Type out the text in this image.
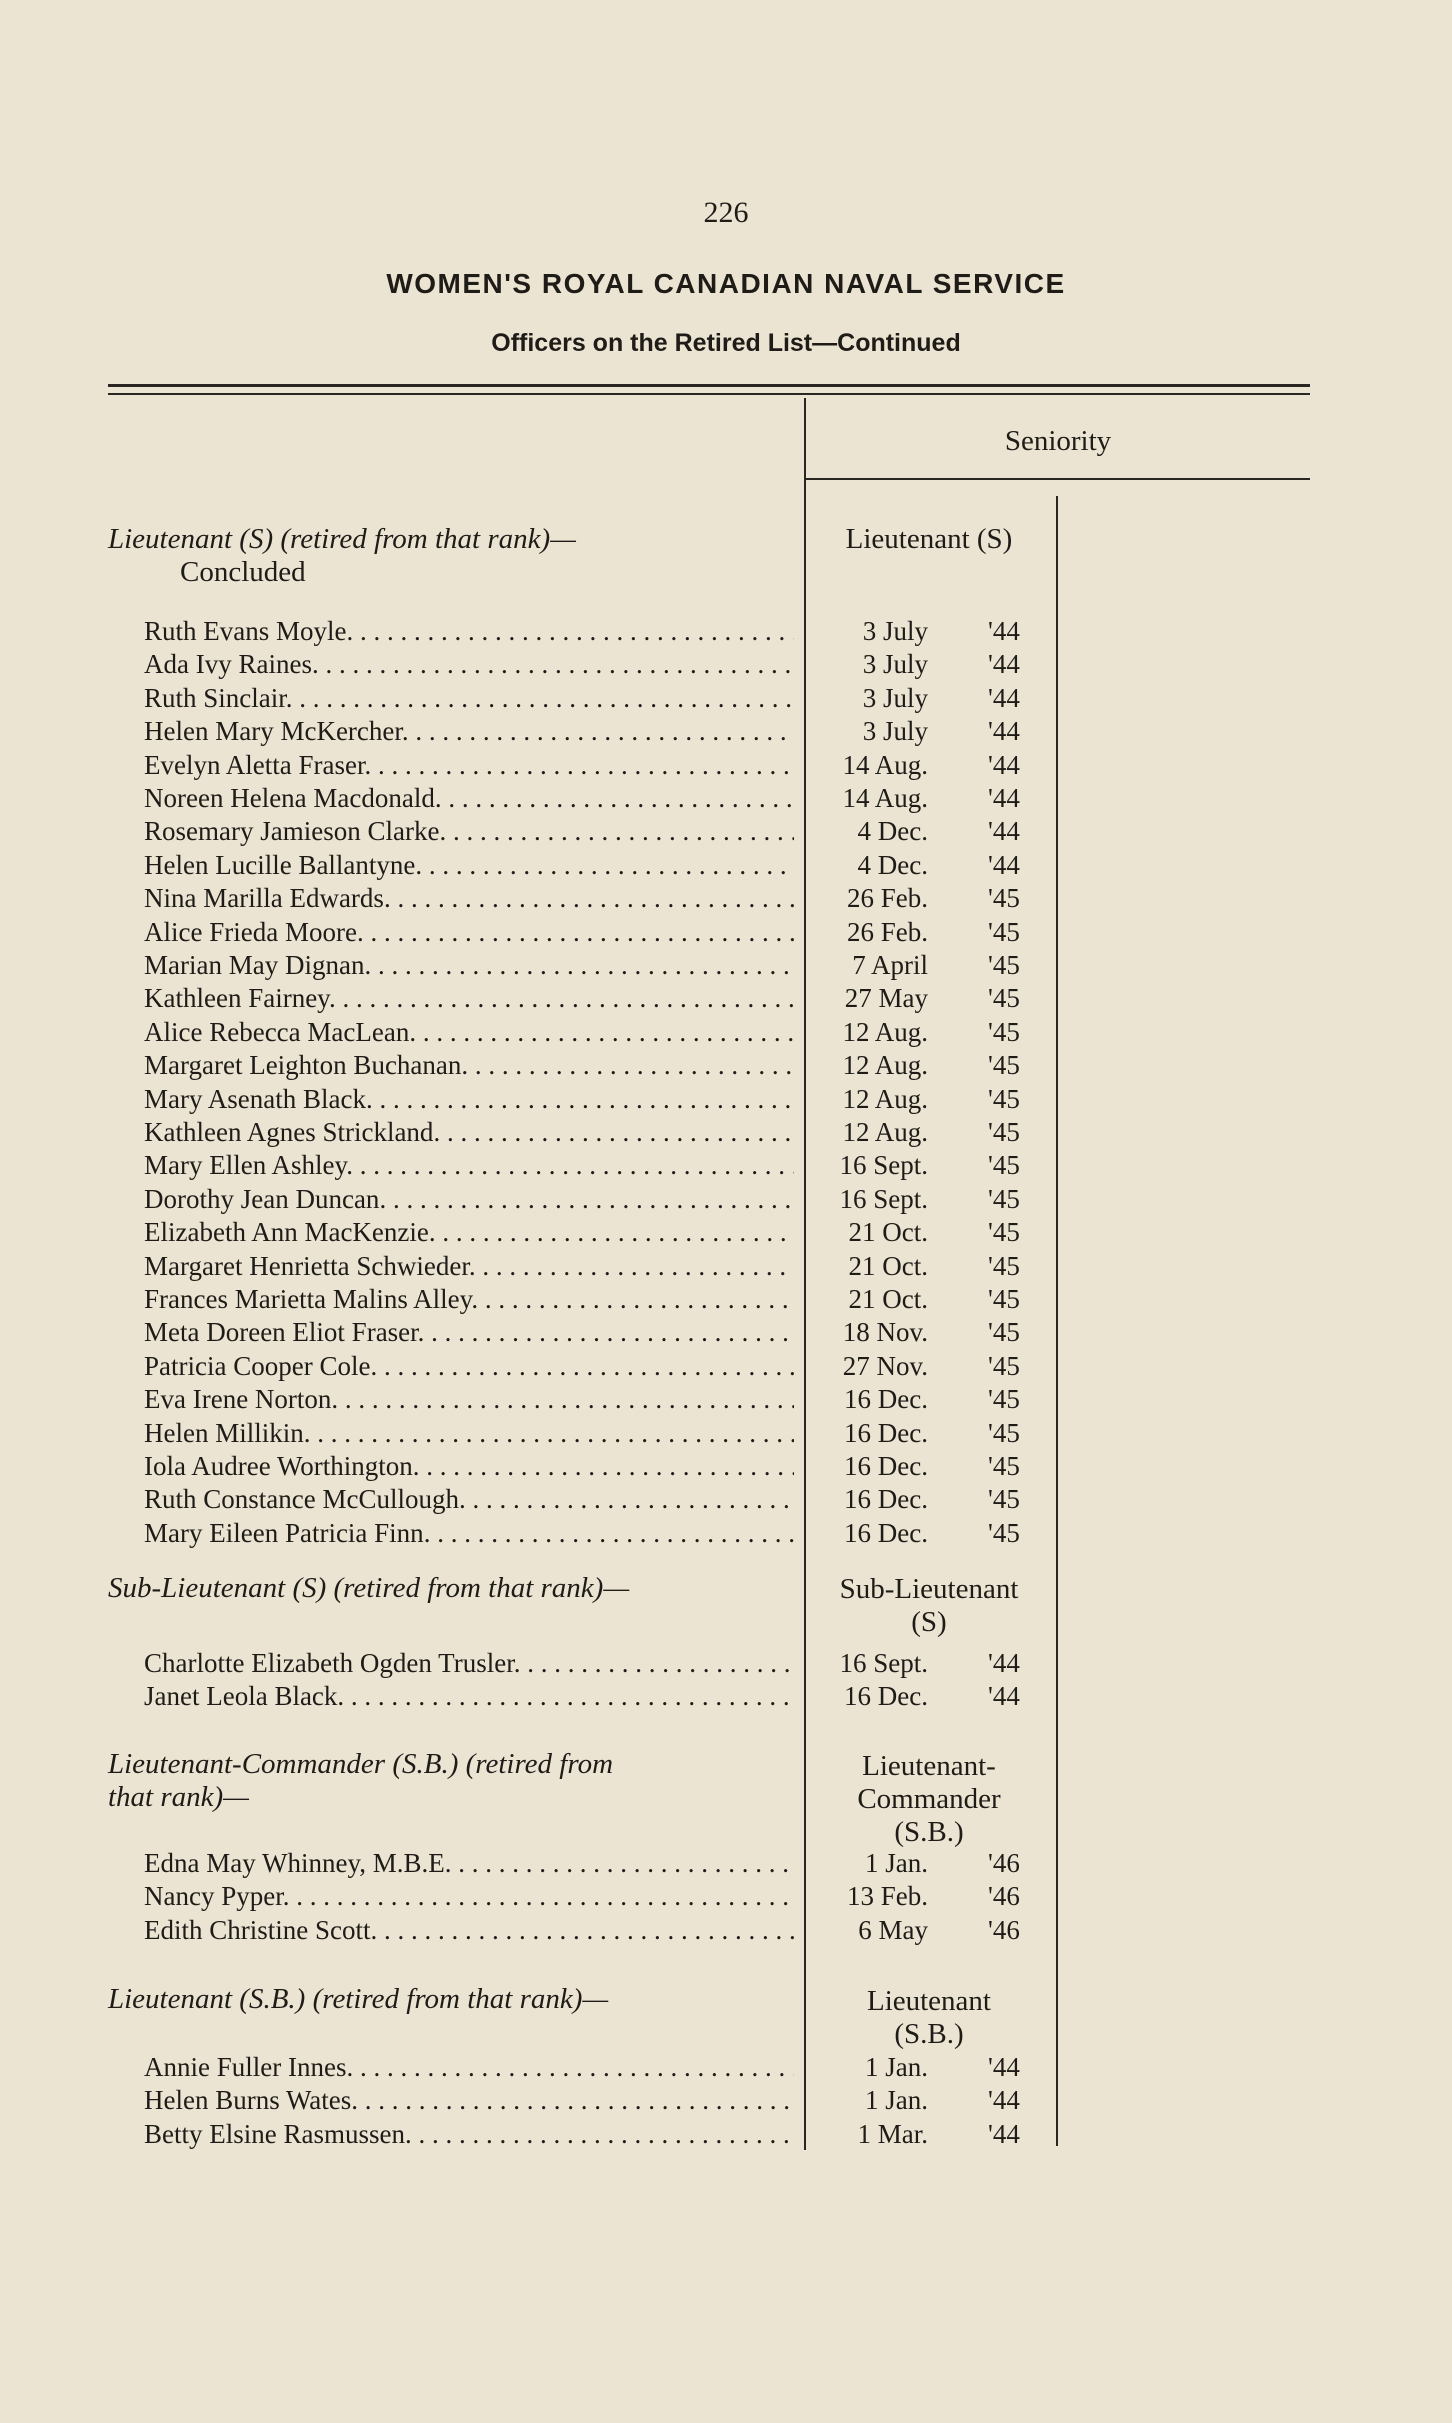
226
WOMEN'S ROYAL CANADIAN NAVAL SERVICE
Officers on the Retired List—Continued
Seniority
Lieutenant (S) (retired from that rank)—
Concluded
Lieutenant (S)
Ruth Evans Moyle . . .	3 July '44
Ada Ivy Raines . . .	3 July '44
Ruth Sinclair . . .	3 July '44
Helen Mary McKercher . . .	3 July '44
Evelyn Aletta Fraser . . .	14 Aug. '44
Noreen Helena Macdonald . . .	14 Aug. '44
Rosemary Jamieson Clarke . . .	4 Dec. '44
Helen Lucille Ballantyne . . .	4 Dec. '44
Nina Marilla Edwards . . .	26 Feb. '45
Alice Frieda Moore . . .	26 Feb. '45
Marian May Dignan . . .	7 April '45
Kathleen Fairney . . .	27 May '45
Alice Rebecca MacLean . . .	12 Aug. '45
Margaret Leighton Buchanan . . .	12 Aug. '45
Mary Asenath Black . . .	12 Aug. '45
Kathleen Agnes Strickland . . .	12 Aug. '45
Mary Ellen Ashley . . .	16 Sept. '45
Dorothy Jean Duncan . . .	16 Sept. '45
Elizabeth Ann MacKenzie . . .	21 Oct. '45
Margaret Henrietta Schwieder . . .	21 Oct. '45
Frances Marietta Malins Alley . . .	21 Oct. '45
Meta Doreen Eliot Fraser . . .	18 Nov. '45
Patricia Cooper Cole . . .	27 Nov. '45
Eva Irene Norton . . .	16 Dec. '45
Helen Millikin . . .	16 Dec. '45
Iola Audree Worthington . . .	16 Dec. '45
Ruth Constance McCullough . . .	16 Dec. '45
Mary Eileen Patricia Finn . . .	16 Dec. '45
Sub-Lieutenant (S) (retired from that rank)—	Sub-Lieutenant
(S)
Charlotte Elizabeth Ogden Trusler . . .	16 Sept. '44
Janet Leola Black . . .	16 Dec. '44
Lieutenant-Commander (S.B.) (retired from
that rank)—
Lieutenant-
Commander
(S.B.)
Edna May Whinney, M.B.E . . .	1 Jan. '46
Nancy Pyper . . .	13 Feb. '46
Edith Christine Scott . . .	6 May '46
Lieutenant (S.B.) (retired from that rank)—	Lieutenant
(S.B.)
Annie Fuller Innes . . .	1 Jan. '44
Helen Burns Wates . . .	1 Jan. '44
Betty Elsine Rasmussen . . .	1 Mar. '44
